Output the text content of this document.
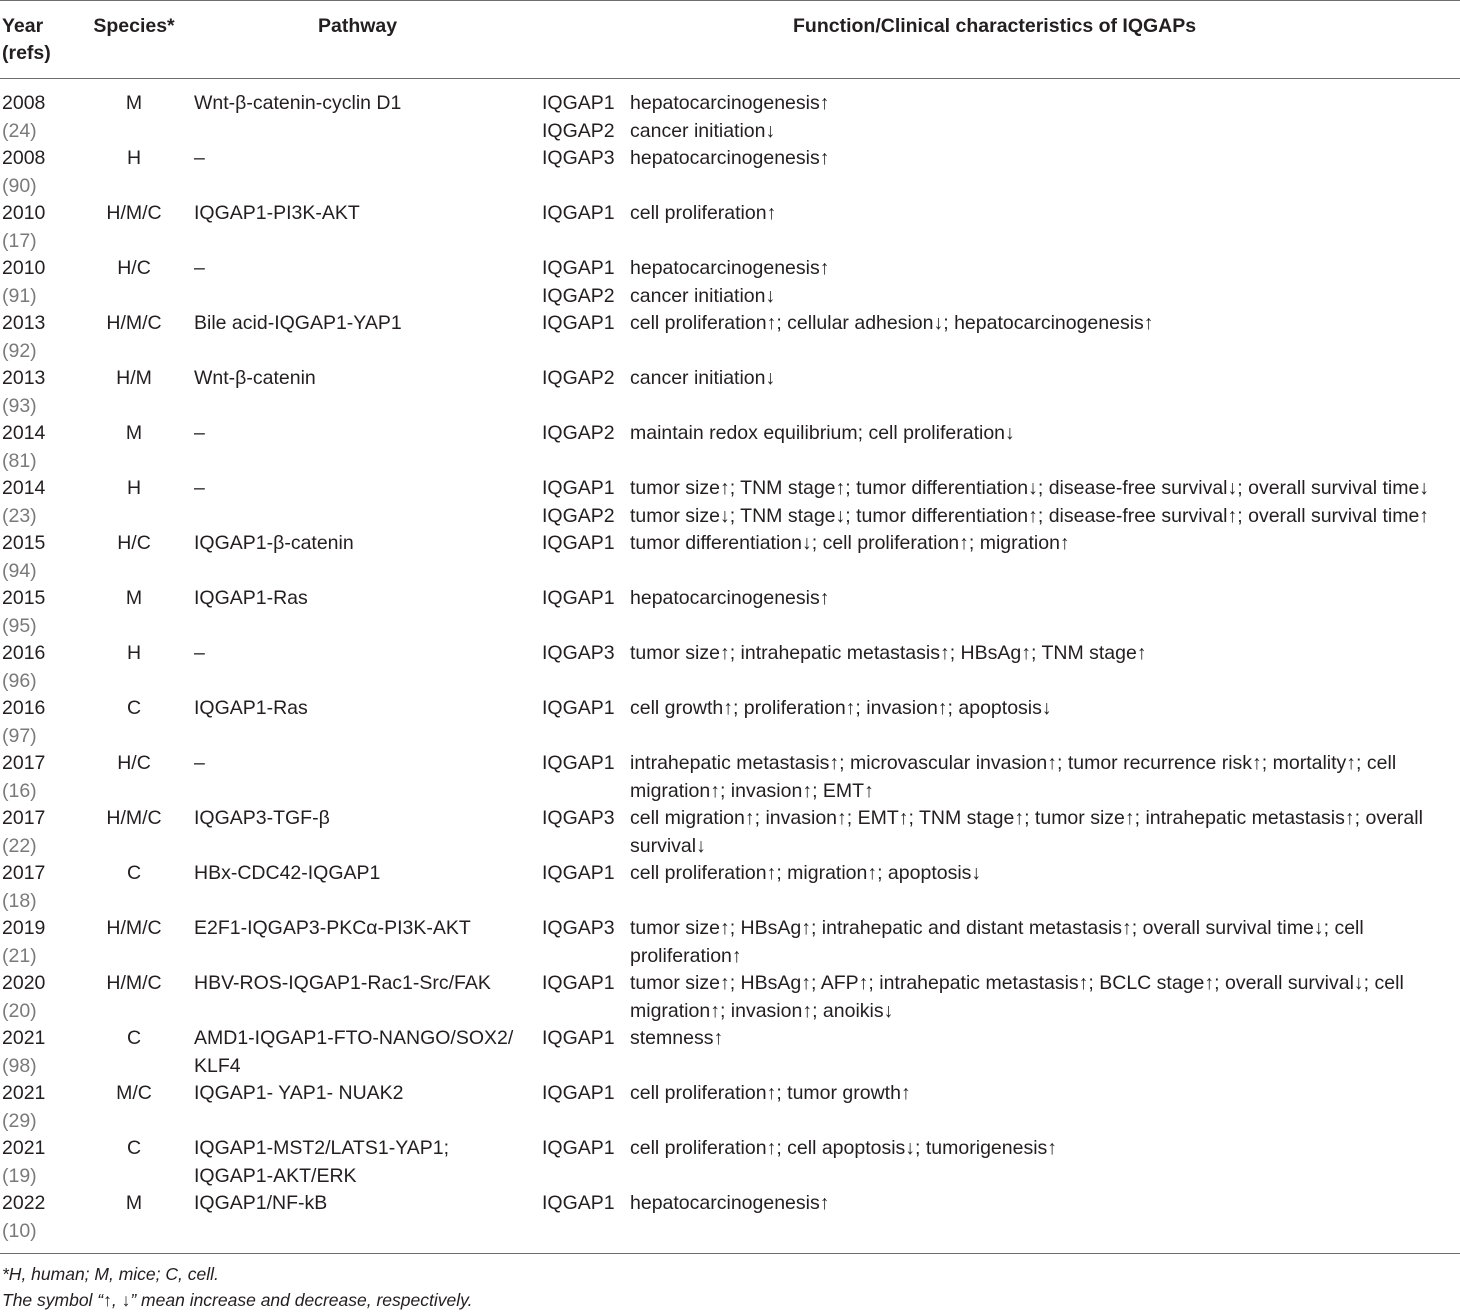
Year
(refs)
Species*	Pathway	Function/Clinical characteristics of IQGAPs
2008
(24)
M	Wnt-β-catenin-cyclin D1	IQGAP1 hepatocarcinogenesis↑
IQGAP2 cancer initiation↓
2008
(90)
H	–	IQGAP3 hepatocarcinogenesis↑
2010
(17)
H/M/C	IQGAP1-PI3K-AKT	IQGAP1 cell proliferation↑
2010
(91)
H/C	–	IQGAP1 hepatocarcinogenesis↑
IQGAP2 cancer initiation↓
2013
(92)
H/M/C	Bile acid-IQGAP1-YAP1	IQGAP1 cell proliferation↑; cellular adhesion↓; hepatocarcinogenesis↑
2013
(93)
H/M	Wnt-β-catenin	IQGAP2 cancer initiation↓
2014
(81)
M	–	IQGAP2 maintain redox equilibrium; cell proliferation↓
2014
(23)
H	–	IQGAP1 tumor size↑; TNM stage↑; tumor differentiation↓; disease-free survival↓; overall survival time↓
IQGAP2 tumor size↓; TNM stage↓; tumor differentiation↑; disease-free survival↑; overall survival time↑
2015
(94)
H/C	IQGAP1-β-catenin	IQGAP1 tumor differentiation↓; cell proliferation↑; migration↑
2015
(95)
M	IQGAP1-Ras	IQGAP1 hepatocarcinogenesis↑
2016
(96)
H	–	IQGAP3 tumor size↑; intrahepatic metastasis↑; HBsAg↑; TNM stage↑
2016
(97)
C	IQGAP1-Ras	IQGAP1 cell growth↑; proliferation↑; invasion↑; apoptosis↓
2017
(16)
H/C	–	IQGAP1 intrahepatic metastasis↑; microvascular invasion↑; tumor recurrence risk↑; mortality↑; cell
migration↑; invasion↑; EMT↑
2017
(22)
H/M/C	IQGAP3-TGF-β	IQGAP3 cell migration↑; invasion↑; EMT↑; TNM stage↑; tumor size↑; intrahepatic metastasis↑; overall
survival↓
2017
(18)
C	HBx-CDC42-IQGAP1	IQGAP1 cell proliferation↑; migration↑; apoptosis↓
2019
(21)
H/M/C	E2F1-IQGAP3-PKCα-PI3K-AKT	IQGAP3 tumor size↑; HBsAg↑; intrahepatic and distant metastasis↑; overall survival time↓; cell
proliferation↑
2020
(20)
H/M/C	HBV-ROS-IQGAP1-Rac1-Src/FAK	IQGAP1 tumor size↑; HBsAg↑; AFP↑; intrahepatic metastasis↑; BCLC stage↑; overall survival↓; cell
migration↑; invasion↑; anoikis↓
2021
(98)
C	AMD1-IQGAP1-FTO-NANGO/SOX2/
KLF4
IQGAP1 stemness↑
2021
(29)
M/C	IQGAP1- YAP1- NUAK2	IQGAP1 cell proliferation↑; tumor growth↑
2021
(19)
C	IQGAP1-MST2/LATS1-YAP1;
IQGAP1-AKT/ERK
IQGAP1 cell proliferation↑; cell apoptosis↓; tumorigenesis↑
2022
(10)
M	IQGAP1/NF-kB	IQGAP1 hepatocarcinogenesis↑
*H, human; M, mice; C, cell.
The symbol “↑, ↓” mean increase and decrease, respectively.
